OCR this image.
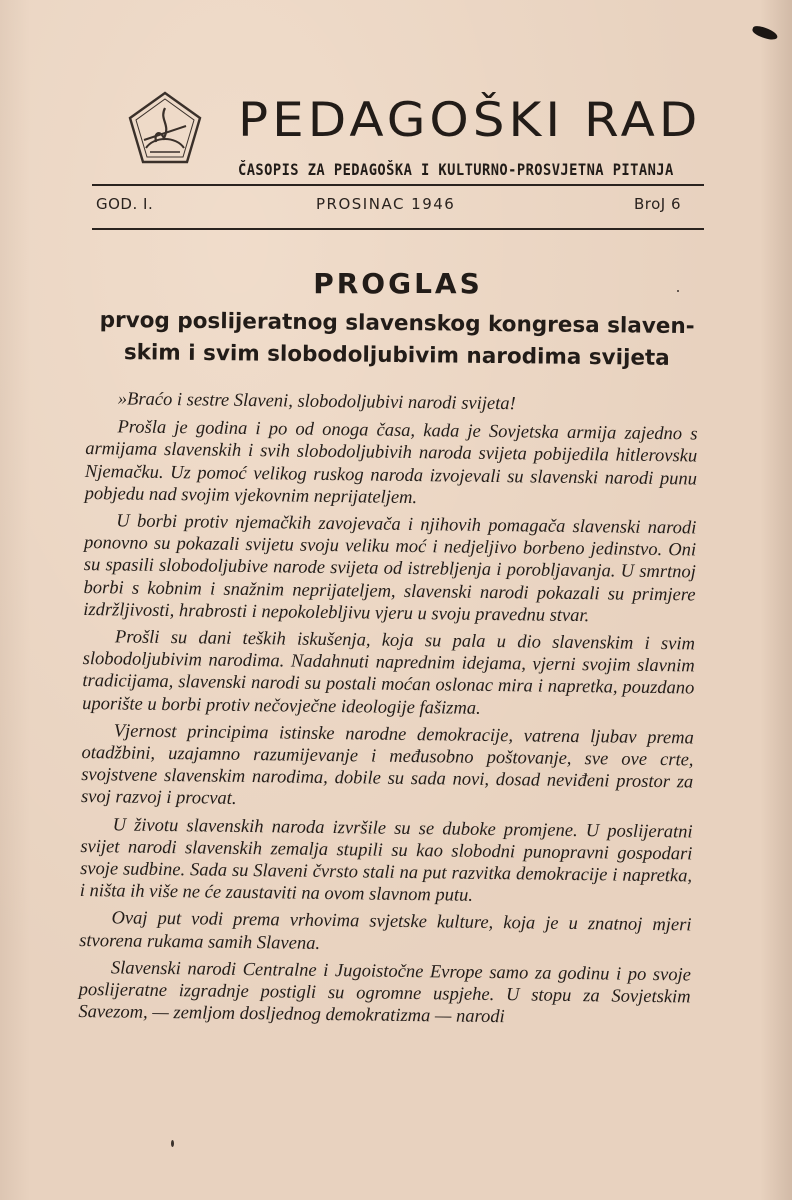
PEDAGOŠKI RAD
ČASOPIS ZA PEDAGOŠKA I KULTURNO-PROSVJETNA PITANJA
GOD. I.	PROSINAC 1946	BroJ 6
PROGLAS
prvog poslijeratnog slavenskog kongresa slaven-skim i svim slobodoljubivim narodima svijeta

»Braćo i sestre Slaveni, slobodoljubivi narodi svijeta!

Prošla je godina i po od onoga časa, kada je Sovjetska armija zajedno s armijama slavenskih i svih slobodoljubivih naroda svijeta pobijedila hitlerovsku Njemačku. Uz pomoć velikog ruskog naroda izvojevali su slavenski narodi punu pobjedu nad svojim vjekovnim neprijateljem.

U borbi protiv njemačkih zavojevača i njihovih pomagača slavenski narodi ponovno su pokazali svijetu svoju veliku moć i nedjeljivo borbeno jedinstvo. Oni su spasili slobodoljubive narode svijeta od istrebljenja i porobljavanja. U smrtnoj borbi s kobnim i snažnim neprijateljem, slavenski narodi pokazali su primjere izdržljivosti, hrabrosti i nepokolebljivu vjeru u svoju pravednu stvar.

Prošli su dani teških iskušenja, koja su pala u dio slavenskim i svim slobodoljubivim narodima. Nadahnuti naprednim idejama, vjerni svojim slavnim tradicijama, slavenski narodi su postali moćan oslonac mira i napretka, pouzdano uporište u borbi protiv nečovječne ideologije fašizma.

Vjernost principima istinske narodne demokracije, vatrena ljubav prema otadžbini, uzajamno razumijevanje i međusobno poštovanje, sve ove crte, svojstvene slavenskim narodima, dobile su sada novi, dosad neviđeni prostor za svoj razvoj i procvat.

U životu slavenskih naroda izvršile su se duboke promjene. U poslijeratni svijet narodi slavenskih zemalja stupili su kao slobodni punopravni gospodari svoje sudbine. Sada su Slaveni čvrsto stali na put razvitka demokracije i napretka, i ništa ih više ne će zaustaviti na ovom slavnom putu.

Ovaj put vodi prema vrhovima svjetske kulture, koja je u znatnoj mjeri stvorena rukama samih Slavena.

Slavenski narodi Centralne i Jugoistočne Evrope samo za godinu i po svoje poslijeratne izgradnje postigli su ogromne uspjehe. U stopu za Sovjetskim Savezom, — zemljom dosljednog demokratizma — narodi
